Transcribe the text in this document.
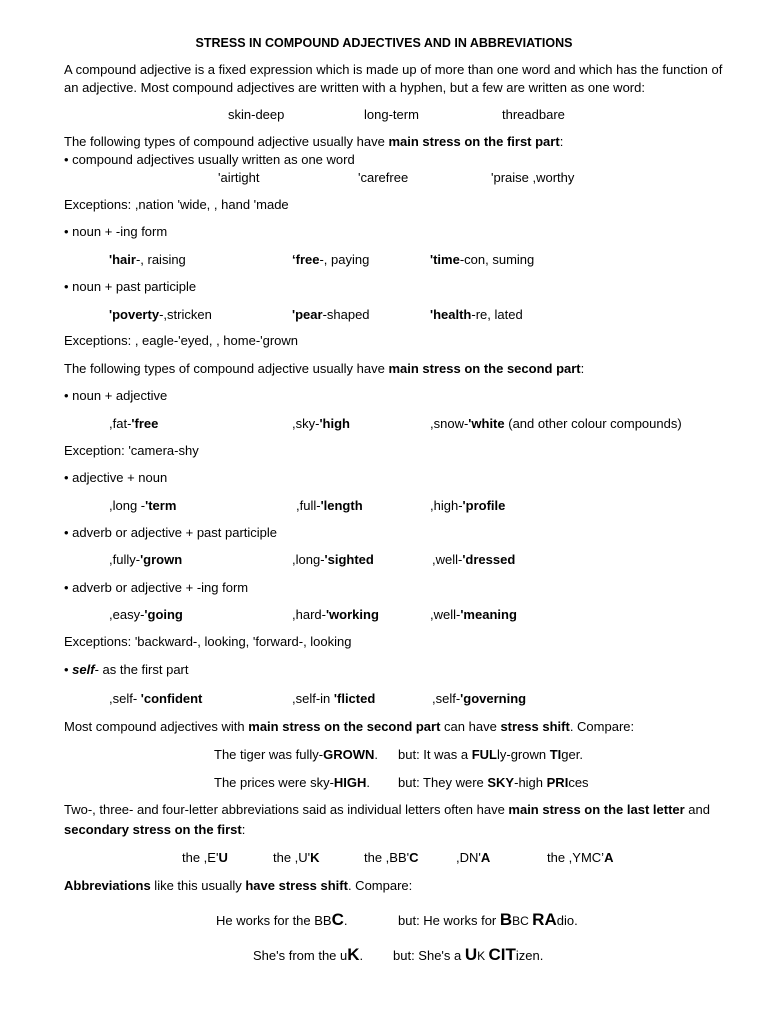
STRESS IN COMPOUND ADJECTIVES AND IN ABBREVIATIONS
A compound adjective is a fixed expression which is made up of more than one word and which has the function of
an adjective. Most compound adjectives are written with a hyphen, but a few are written as one word:
skin-deep	long-term	threadbare
The following types of compound adjective usually have main stress on the first part:
• compound adjectives usually written as one word
'airtight	'carefree	'praise ,worthy
Exceptions: ,nation 'wide, , hand 'made
• noun + -ing form
'hair-, raising	‘free-, paying	'time-con, suming
• noun + past participle
'poverty-,stricken	'pear-shaped	'health-re, lated
Exceptions: , eagle-'eyed, , home-'grown
The following types of compound adjective usually have main stress on the second part:
• noun + adjective
,fat-'free	,sky-'high	,snow-'white (and other colour compounds)
Exception: 'camera-shy
• adjective + noun
,long -'term	,full-'length	,high-'profile
• adverb or adjective + past participle
,fully-'grown	,long-'sighted	,well-'dressed
• adverb or adjective + -ing form
,easy-'going	,hard-'working	,well-'meaning
Exceptions: 'backward-, looking, 'forward-, looking
• self- as the first part
,self- 'confident	,self-in 'flicted	,self-'governing
Most compound adjectives with main stress on the second part can have stress shift. Compare:
The tiger was fully-GROWN. but: It was a FULly-grown TIger.
The prices were sky-HIGH. but: They were SKY-high PRIces
Two-, three- and four-letter abbreviations said as individual letters often have main stress on the last letter and
secondary stress on the first:
the ,E'U	the ,U'K	the ,BB'C	,DN'A	the ,YMC’A
Abbreviations like this usually have stress shift. Compare:
He works for the BBC.	but: He works for BBC RAdio.
She's from the uK. but: She's a UK CITizen.
